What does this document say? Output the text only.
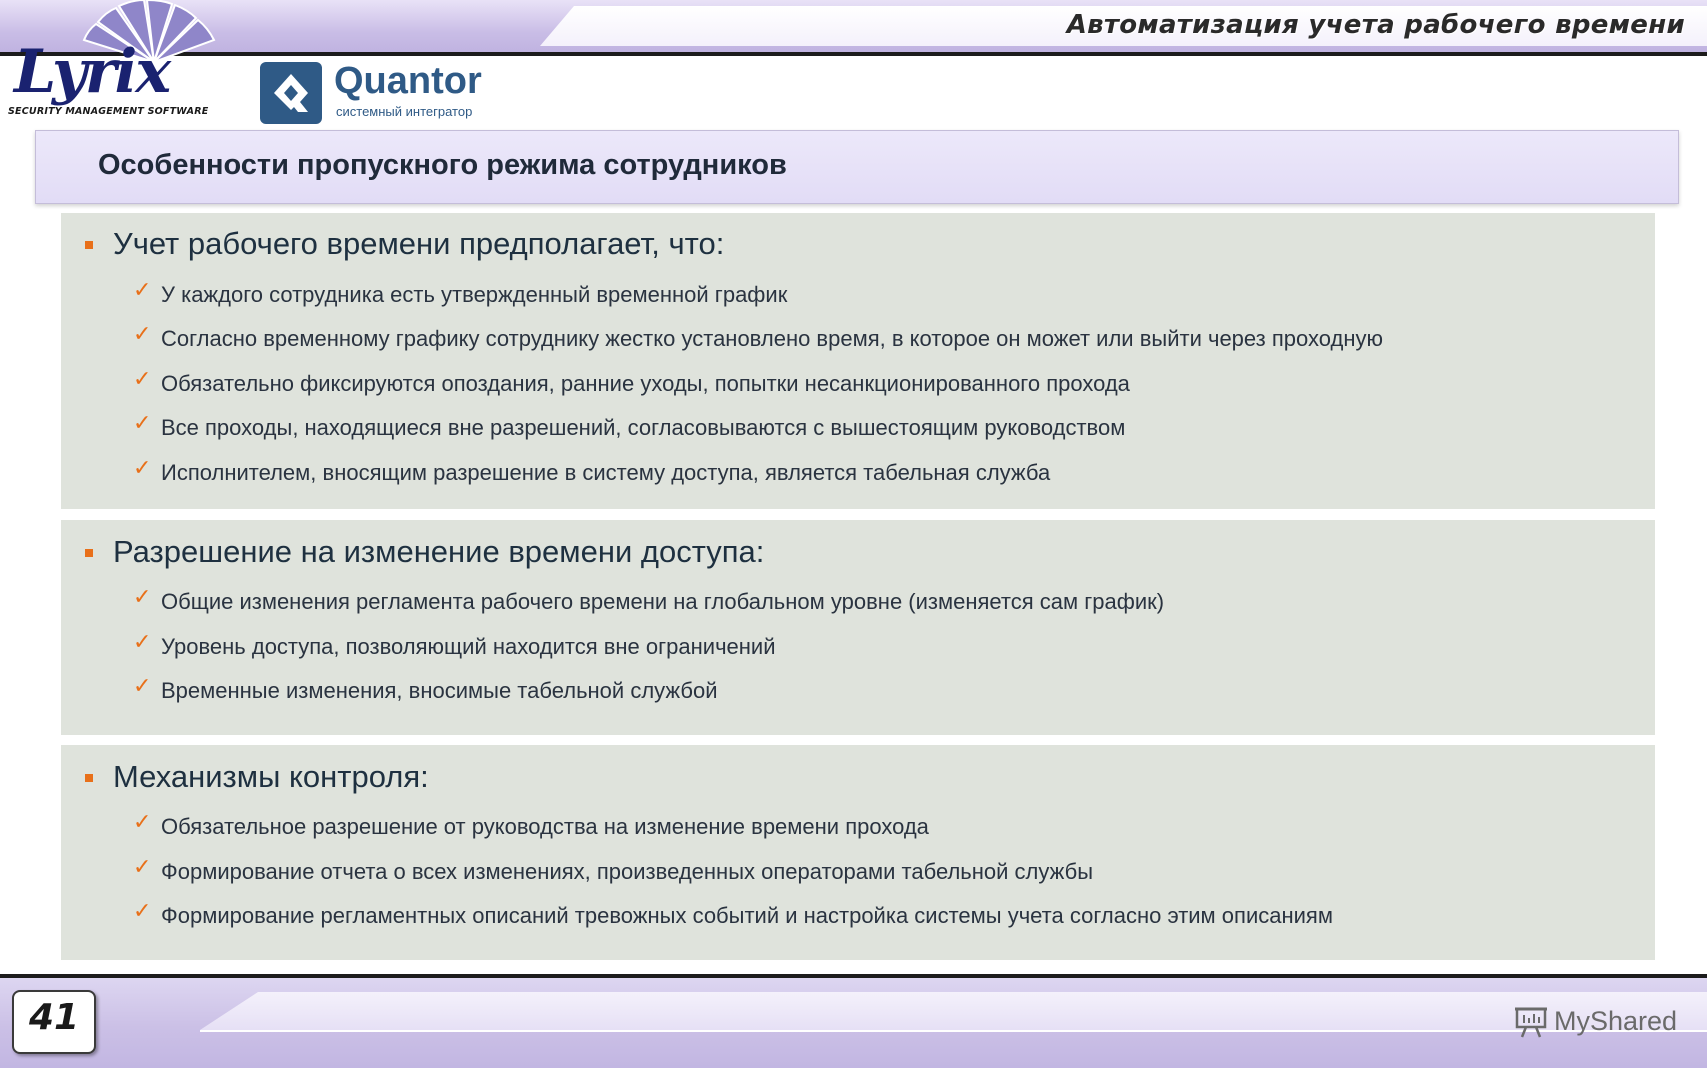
Автоматизация учета рабочего времени
Lyrix
SECURITY MANAGEMENT SOFTWARE
Quantor
системный интегратор
Особенности пропускного режима сотрудников
Учет рабочего времени предполагает, что:
✓ У каждого сотрудника есть утвержденный временной график
✓ Согласно временному графику сотруднику жестко установлено время, в которое он может или выйти через проходную
✓ Обязательно фиксируются опоздания, ранние уходы, попытки несанкционированного прохода
✓ Все проходы, находящиеся вне разрешений, согласовываются с вышестоящим руководством
✓ Исполнителем, вносящим разрешение в систему доступа, является табельная служба
Разрешение на изменение времени доступа:
✓ Общие изменения регламента рабочего времени на глобальном уровне (изменяется сам график)
✓ Уровень доступа, позволяющий находится вне ограничений
✓ Временные изменения, вносимые табельной службой
Механизмы контроля:
✓ Обязательное разрешение от руководства на изменение времени прохода
✓ Формирование отчета о всех изменениях, произведенных операторами табельной службы
✓ Формирование регламентных описаний тревожных событий и настройка системы учета согласно этим описаниям
41	MyShared
